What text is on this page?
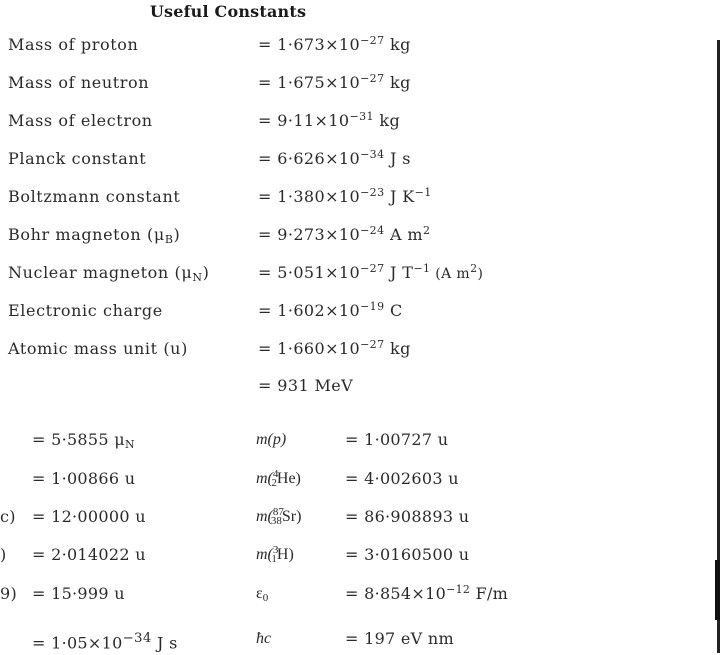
Useful Constants
Mass of proton	= $1\cdot 673\times 10^{-27}$ kg
Mass of neutron	= $1\cdot 675\times 10^{-27}$ kg
Mass of electron	= $9\cdot 11\times 10^{-31}$ kg
Planck constant	= $6\cdot 626\times 10^{-34}$ J s
Boltzmann constant	= $1\cdot 380\times 10^{-23}$ J $K^{-1}$
Bohr magneton $(\mu_B)$	= $9\cdot 273\times 10^{-24}$ A $m^2$
Nuclear magneton $(\mu_N)$	= $5\cdot 051\times 10^{-27}$ J $T^{-1}$ (A $m^2$)
Electronic charge	= $1\cdot 602\times 10^{-19}$ C
Atomic mass unit (u)	= $1\cdot 660\times 10^{-27}$ kg
= 931 MeV
= 5·5855 $\mu_N$	m(p)	= 1·00727 u
= 1·00866 u	m($^4_2$He)	= 4·002603 u
c) = 12·00000 u	m($^{87}_{38}$Sr)	= 86·908893 u
) = 2·014022 u	m($^3_1$H)	= 3·0160500 u
9) = 15·999 u	$\varepsilon_0$	= $8\cdot 854\times 10^{-12}$ F/m
= $1\cdot 05\times 10^{-34}$ J s	ħc	= 197 eV nm
